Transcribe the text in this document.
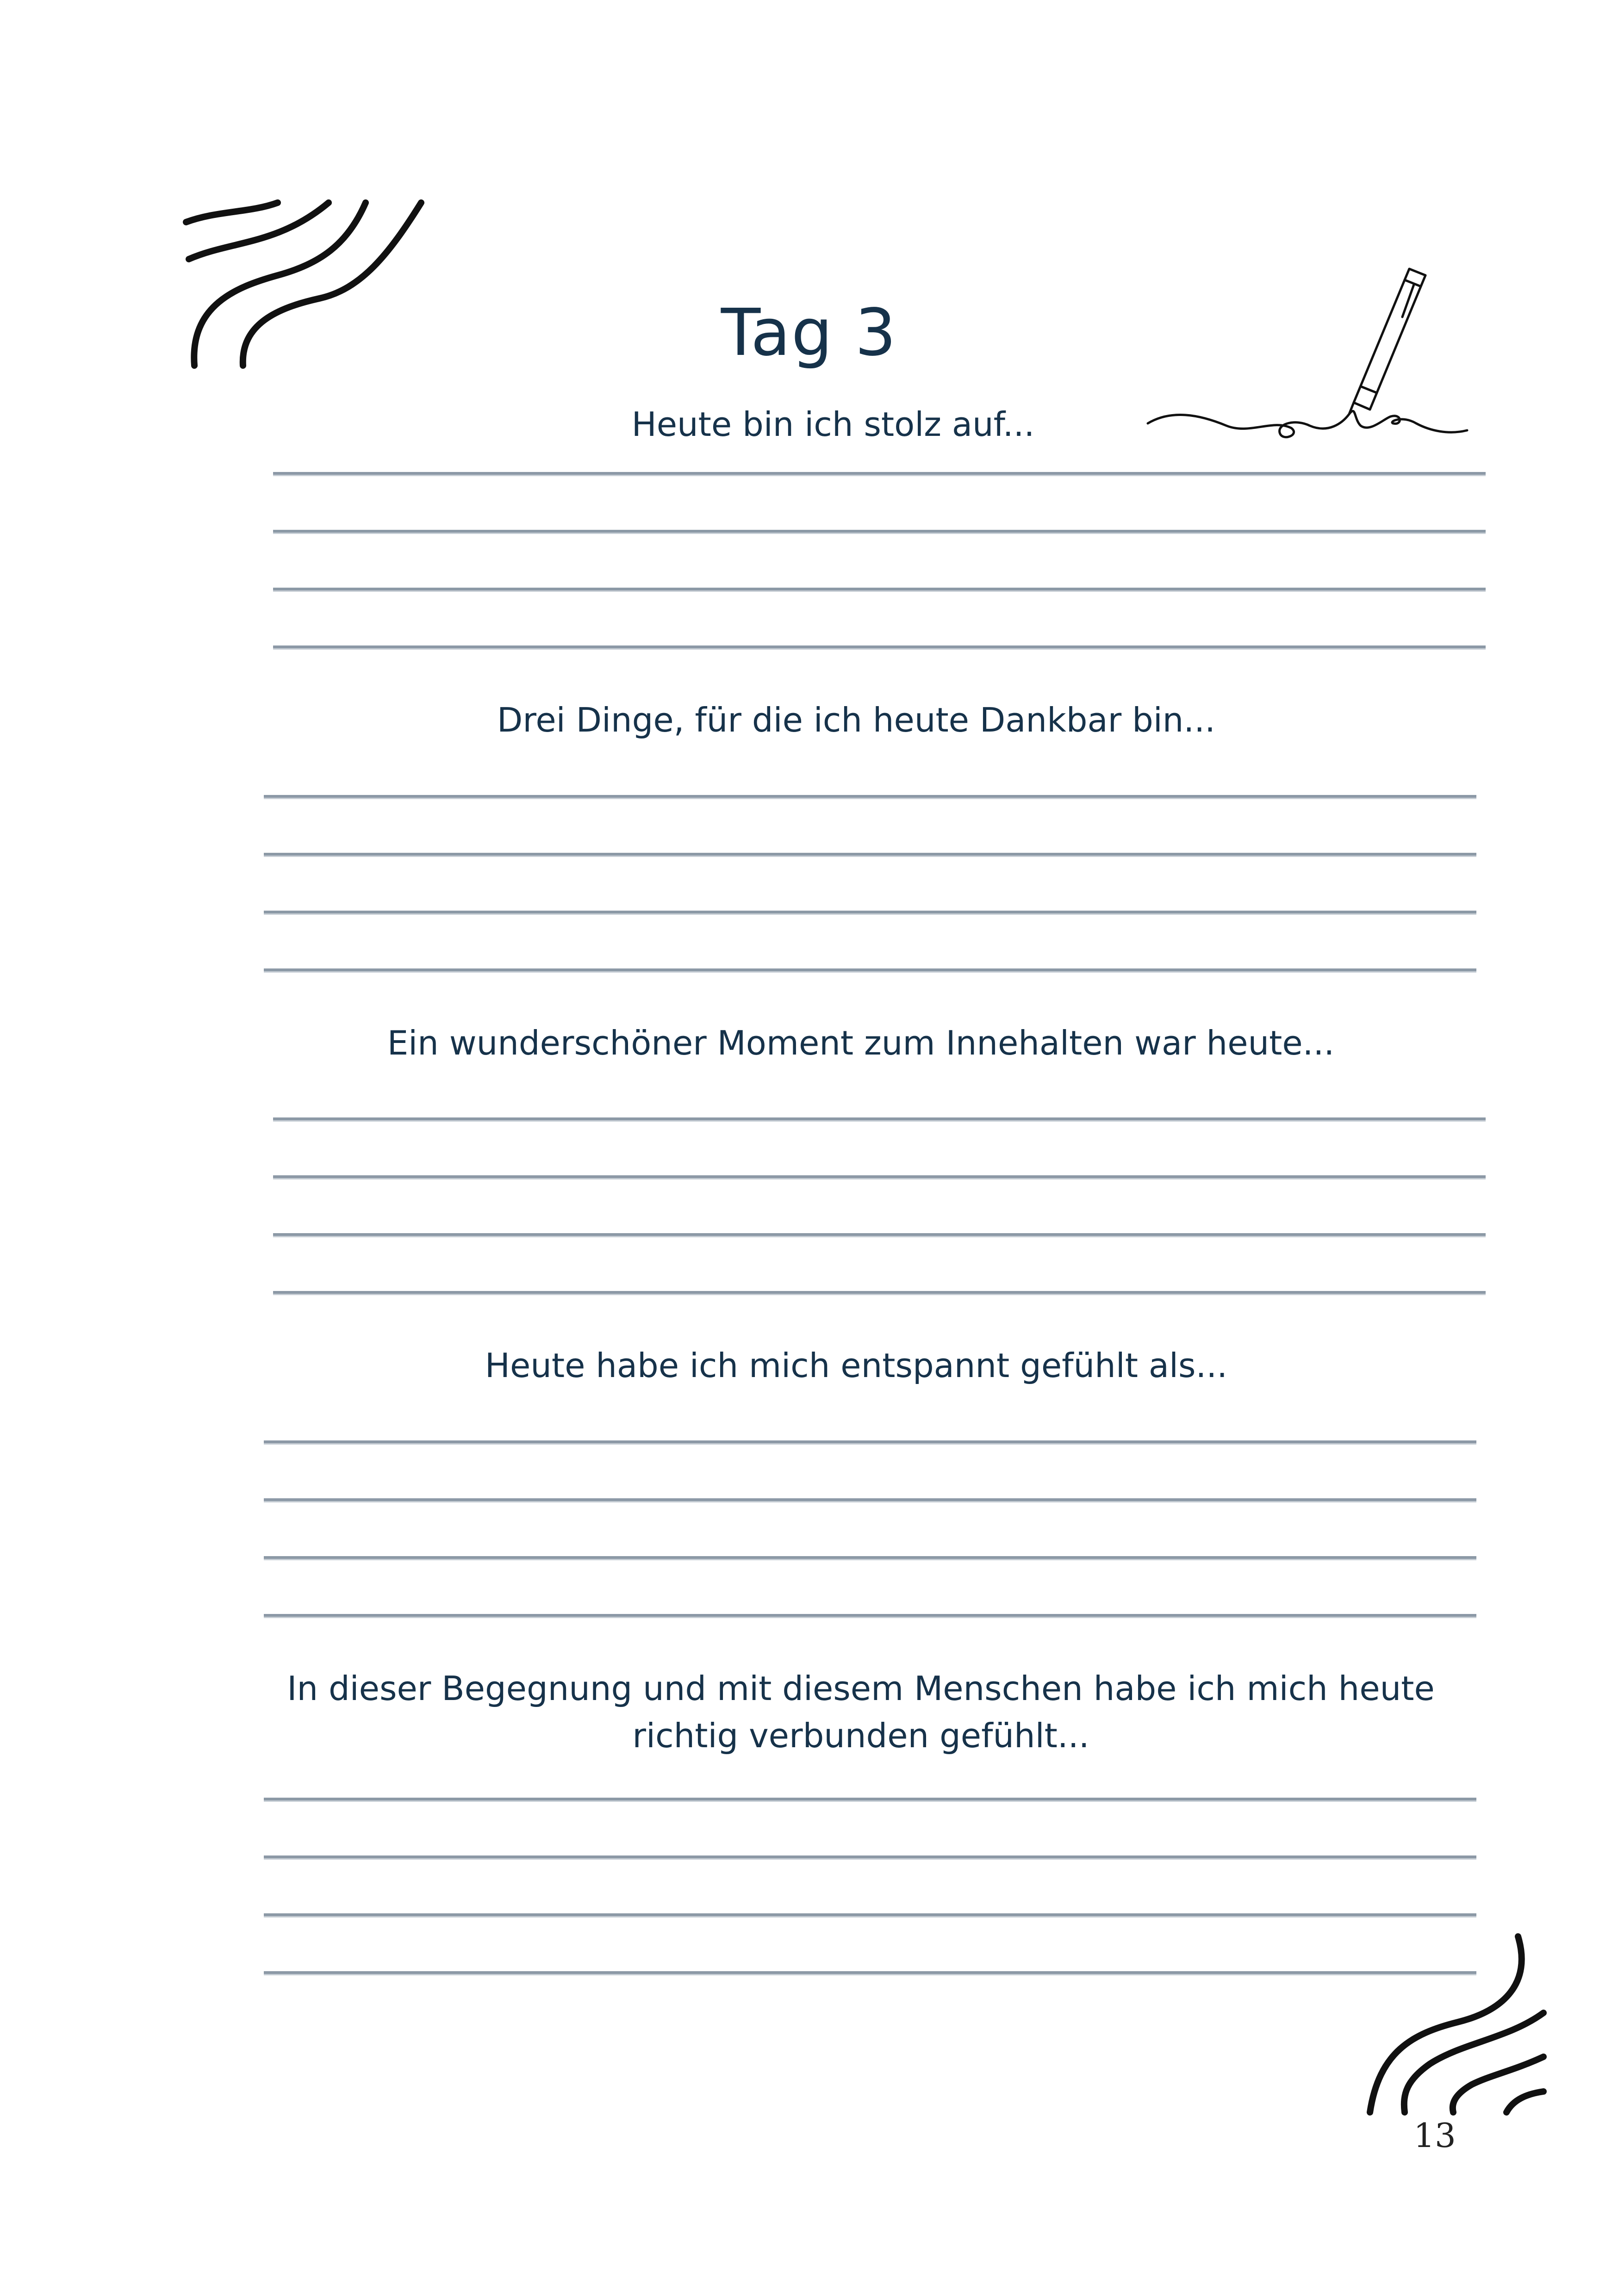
Tag 3
Heute bin ich stolz auf...
Drei Dinge, für die ich heute Dankbar bin...
Ein wunderschöner Moment zum Innehalten war heute...
Heute habe ich mich entspannt gefühlt als...
In dieser Begegnung und mit diesem Menschen habe ich mich heute richtig verbunden gefühlt...
13
